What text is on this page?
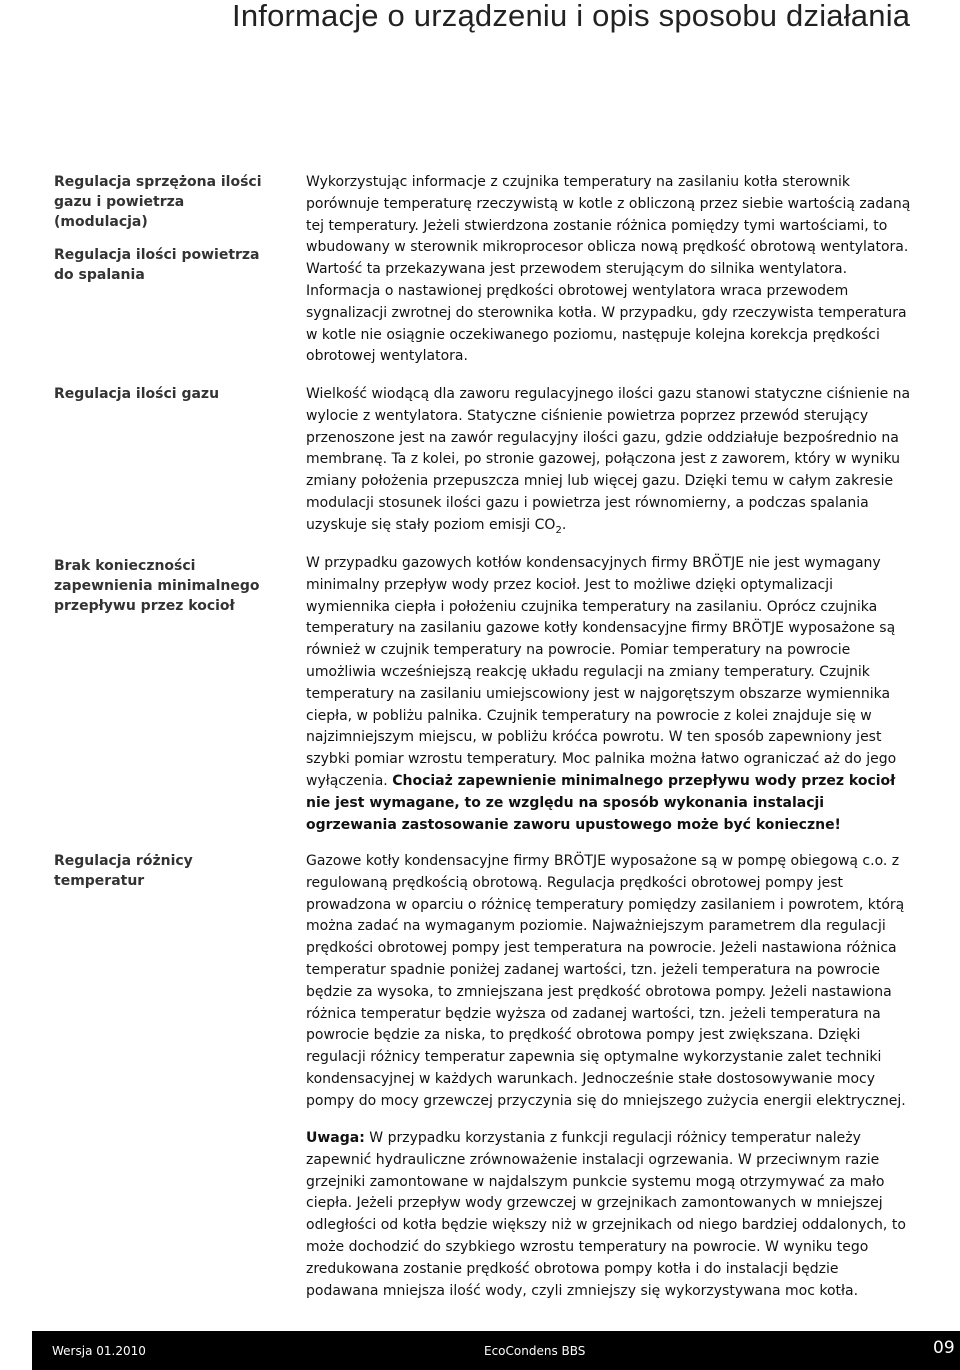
Informacje o urządzeniu i opis sposobu działania
Regulacja sprzężona ilości gazu i powietrza (modulacja)
Regulacja ilości powietrza do spalania

Wykorzystując informacje z czujnika temperatury na zasilaniu kotła sterownik porównuje temperaturę rzeczywistą w kotle z obliczoną przez siebie wartością zadaną tej temperatury. Jeżeli stwierdzona zostanie różnica pomiędzy tymi wartościami, to wbudowany w sterownik mikroprocesor oblicza nową prędkość obrotową wentylatora. Wartość ta przekazywana jest przewodem sterującym do silnika wentylatora. Informacja o nastawionej prędkości obrotowej wentylatora wraca przewodem sygnalizacji zwrotnej do sterownika kotła. W przypadku, gdy rzeczywista temperatura w kotle nie osiągnie oczekiwanego poziomu, następuje kolejna korekcja prędkości obrotowej wentylatora.

Regulacja ilości gazu	Wielkość wiodącą dla zaworu regulacyjnego ilości gazu stanowi statyczne ciśnienie na wylocie z wentylatora. Statyczne ciśnienie powietrza poprzez przewód sterujący przenoszone jest na zawór regulacyjny ilości gazu, gdzie oddziałuje bezpośrednio na membranę. Ta z kolei, po stronie gazowej, połączona jest z zaworem, który w wyniku zmiany położenia przepuszcza mniej lub więcej gazu. Dzięki temu w całym zakresie modulacji stosunek ilości gazu i powietrza jest równomierny, a podczas spalania uzyskuje się stały poziom emisji $CO_2$.

Brak konieczności zapewnienia minimalnego przepływu przez kocioł

W przypadku gazowych kotłów kondensacyjnych firmy BRÖTJE nie jest wymagany minimalny przepływ wody przez kocioł. Jest to możliwe dzięki optymalizacji wymiennika ciepła i położeniu czujnika temperatury na zasilaniu. Oprócz czujnika temperatury na zasilaniu gazowe kotły kondensacyjne firmy BRÖTJE wyposażone są również w czujnik temperatury na powrocie. Pomiar temperatury na powrocie umożliwia wcześniejszą reakcję układu regulacji na zmiany temperatury. Czujnik temperatury na zasilaniu umiejscowiony jest w najgorętszym obszarze wymiennika ciepła, w pobliżu palnika. Czujnik temperatury na powrocie z kolei znajduje się w najzimniejszym miejscu, w pobliżu króćca powrotu. W ten sposób zapewniony jest szybki pomiar wzrostu temperatury. Moc palnika można łatwo ograniczać aż do jego wyłączenia. Chociaż zapewnienie minimalnego przepływu wody przez kocioł nie jest wymagane, to ze względu na sposób wykonania instalacji ogrzewania zastosowanie zaworu upustowego może być konieczne!

Regulacja różnicy temperatur

Gazowe kotły kondensacyjne firmy BRÖTJE wyposażone są w pompę obiegową c.o. z regulowaną prędkością obrotową. Regulacja prędkości obrotowej pompy jest prowadzona w oparciu o różnicę temperatury pomiędzy zasilaniem i powrotem, którą można zadać na wymaganym poziomie. Najważniejszym parametrem dla regulacji prędkości obrotowej pompy jest temperatura na powrocie. Jeżeli nastawiona różnica temperatur spadnie poniżej zadanej wartości, tzn. jeżeli temperatura na powrocie będzie za wysoka, to zmniejszana jest prędkość obrotowa pompy. Jeżeli nastawiona różnica temperatur będzie wyższa od zadanej wartości, tzn. jeżeli temperatura na powrocie będzie za niska, to prędkość obrotowa pompy jest zwiększana. Dzięki regulacji różnicy temperatur zapewnia się optymalne wykorzystanie zalet techniki kondensacyjnej w każdych warunkach. Jednocześnie stałe dostosowywanie mocy pompy do mocy grzewczej przyczynia się do mniejszego zużycia energii elektrycznej.

Uwaga: W przypadku korzystania z funkcji regulacji różnicy temperatur należy zapewnić hydrauliczne zrównoważenie instalacji ogrzewania. W przeciwnym razie grzejniki zamontowane w najdalszym punkcie systemu mogą otrzymywać za mało ciepła. Jeżeli przepływ wody grzewczej w grzejnikach zamontowanych w mniejszej odległości od kotła będzie większy niż w grzejnikach od niego bardziej oddalonych, to może dochodzić do szybkiego wzrostu temperatury na powrocie. W wyniku tego zredukowana zostanie prędkość obrotowa pompy kotła i do instalacji będzie podawana mniejsza ilość wody, czyli zmniejszy się wykorzystywana moc kotła.

Wersja 01.2010	EcoCondens BBS	09
